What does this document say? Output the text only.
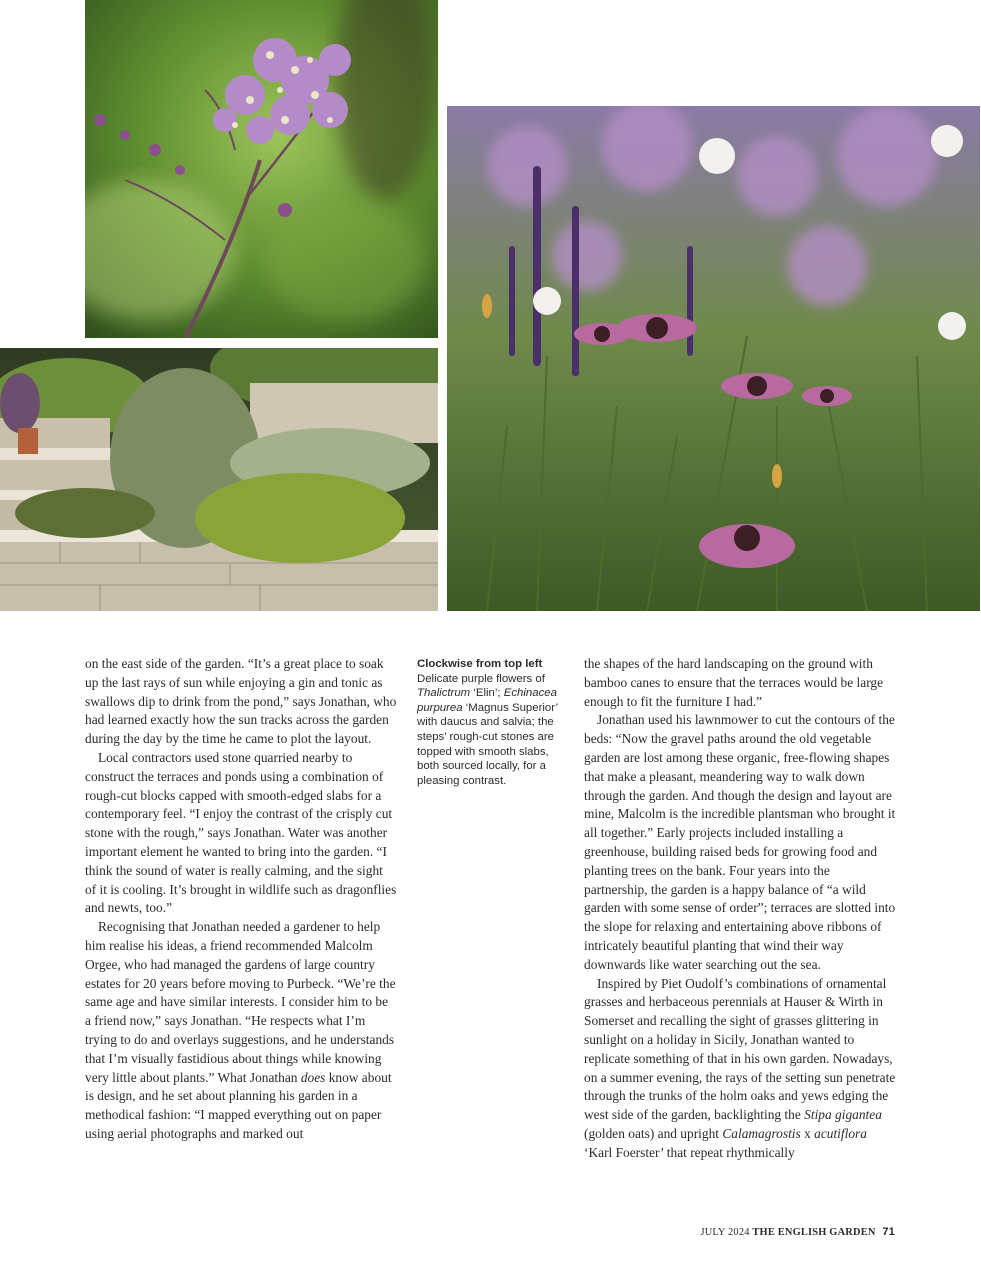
on the east side of the garden. “It’s a great place to soak up the last rays of sun while enjoying a gin and tonic as swallows dip to drink from the pond,” says Jonathan, who had learned exactly how the sun tracks across the garden during the day by the time he came to plot the layout.

Local contractors used stone quarried nearby to construct the terraces and ponds using a combination of rough-cut blocks capped with smooth-edged slabs for a contemporary feel. “I enjoy the contrast of the crisply cut stone with the rough,” says Jonathan. Water was another important element he wanted to bring into the garden. “I think the sound of water is really calming, and the sight of it is cooling. It’s brought in wildlife such as dragonflies and newts, too.”

Recognising that Jonathan needed a gardener to help him realise his ideas, a friend recommended Malcolm Orgee, who had managed the gardens of large country estates for 20 years before moving to Purbeck. “We’re the same age and have similar interests. I consider him to be a friend now,” says Jonathan. “He respects what I’m trying to do and overlays suggestions, and he understands that I’m visually fastidious about things while knowing very little about plants.” What Jonathan does know about is design, and he set about planning his garden in a methodical fashion: “I mapped everything out on paper using aerial photographs and marked out

Clockwise from top left
Delicate purple flowers of Thalictrum ‘Elin’; Echinacea purpurea ‘Magnus Superior’ with daucus and salvia; the steps’ rough-cut stones are topped with smooth slabs, both sourced locally, for a pleasing contrast.

the shapes of the hard landscaping on the ground with bamboo canes to ensure that the terraces would be large enough to fit the furniture I had.”

Jonathan used his lawnmower to cut the contours of the beds: “Now the gravel paths around the old vegetable garden are lost among these organic, free-flowing shapes that make a pleasant, meandering way to walk down through the garden. And though the design and layout are mine, Malcolm is the incredible plantsman who brought it all together.” Early projects included installing a greenhouse, building raised beds for growing food and planting trees on the bank. Four years into the partnership, the garden is a happy balance of “a wild garden with some sense of order”; terraces are slotted into the slope for relaxing and entertaining above ribbons of intricately beautiful planting that wind their way downwards like water searching out the sea.

Inspired by Piet Oudolf’s combinations of ornamental grasses and herbaceous perennials at Hauser & Wirth in Somerset and recalling the sight of grasses glittering in sunlight on a holiday in Sicily, Jonathan wanted to replicate something of that in his own garden. Nowadays, on a summer evening, the rays of the setting sun penetrate through the trunks of the holm oaks and yews edging the west side of the garden, backlighting the Stipa gigantea (golden oats) and upright Calamagrostis x acutiflora ‘Karl Foerster’ that repeat rhythmically

JULY 2024 THE ENGLISH GARDEN 71
